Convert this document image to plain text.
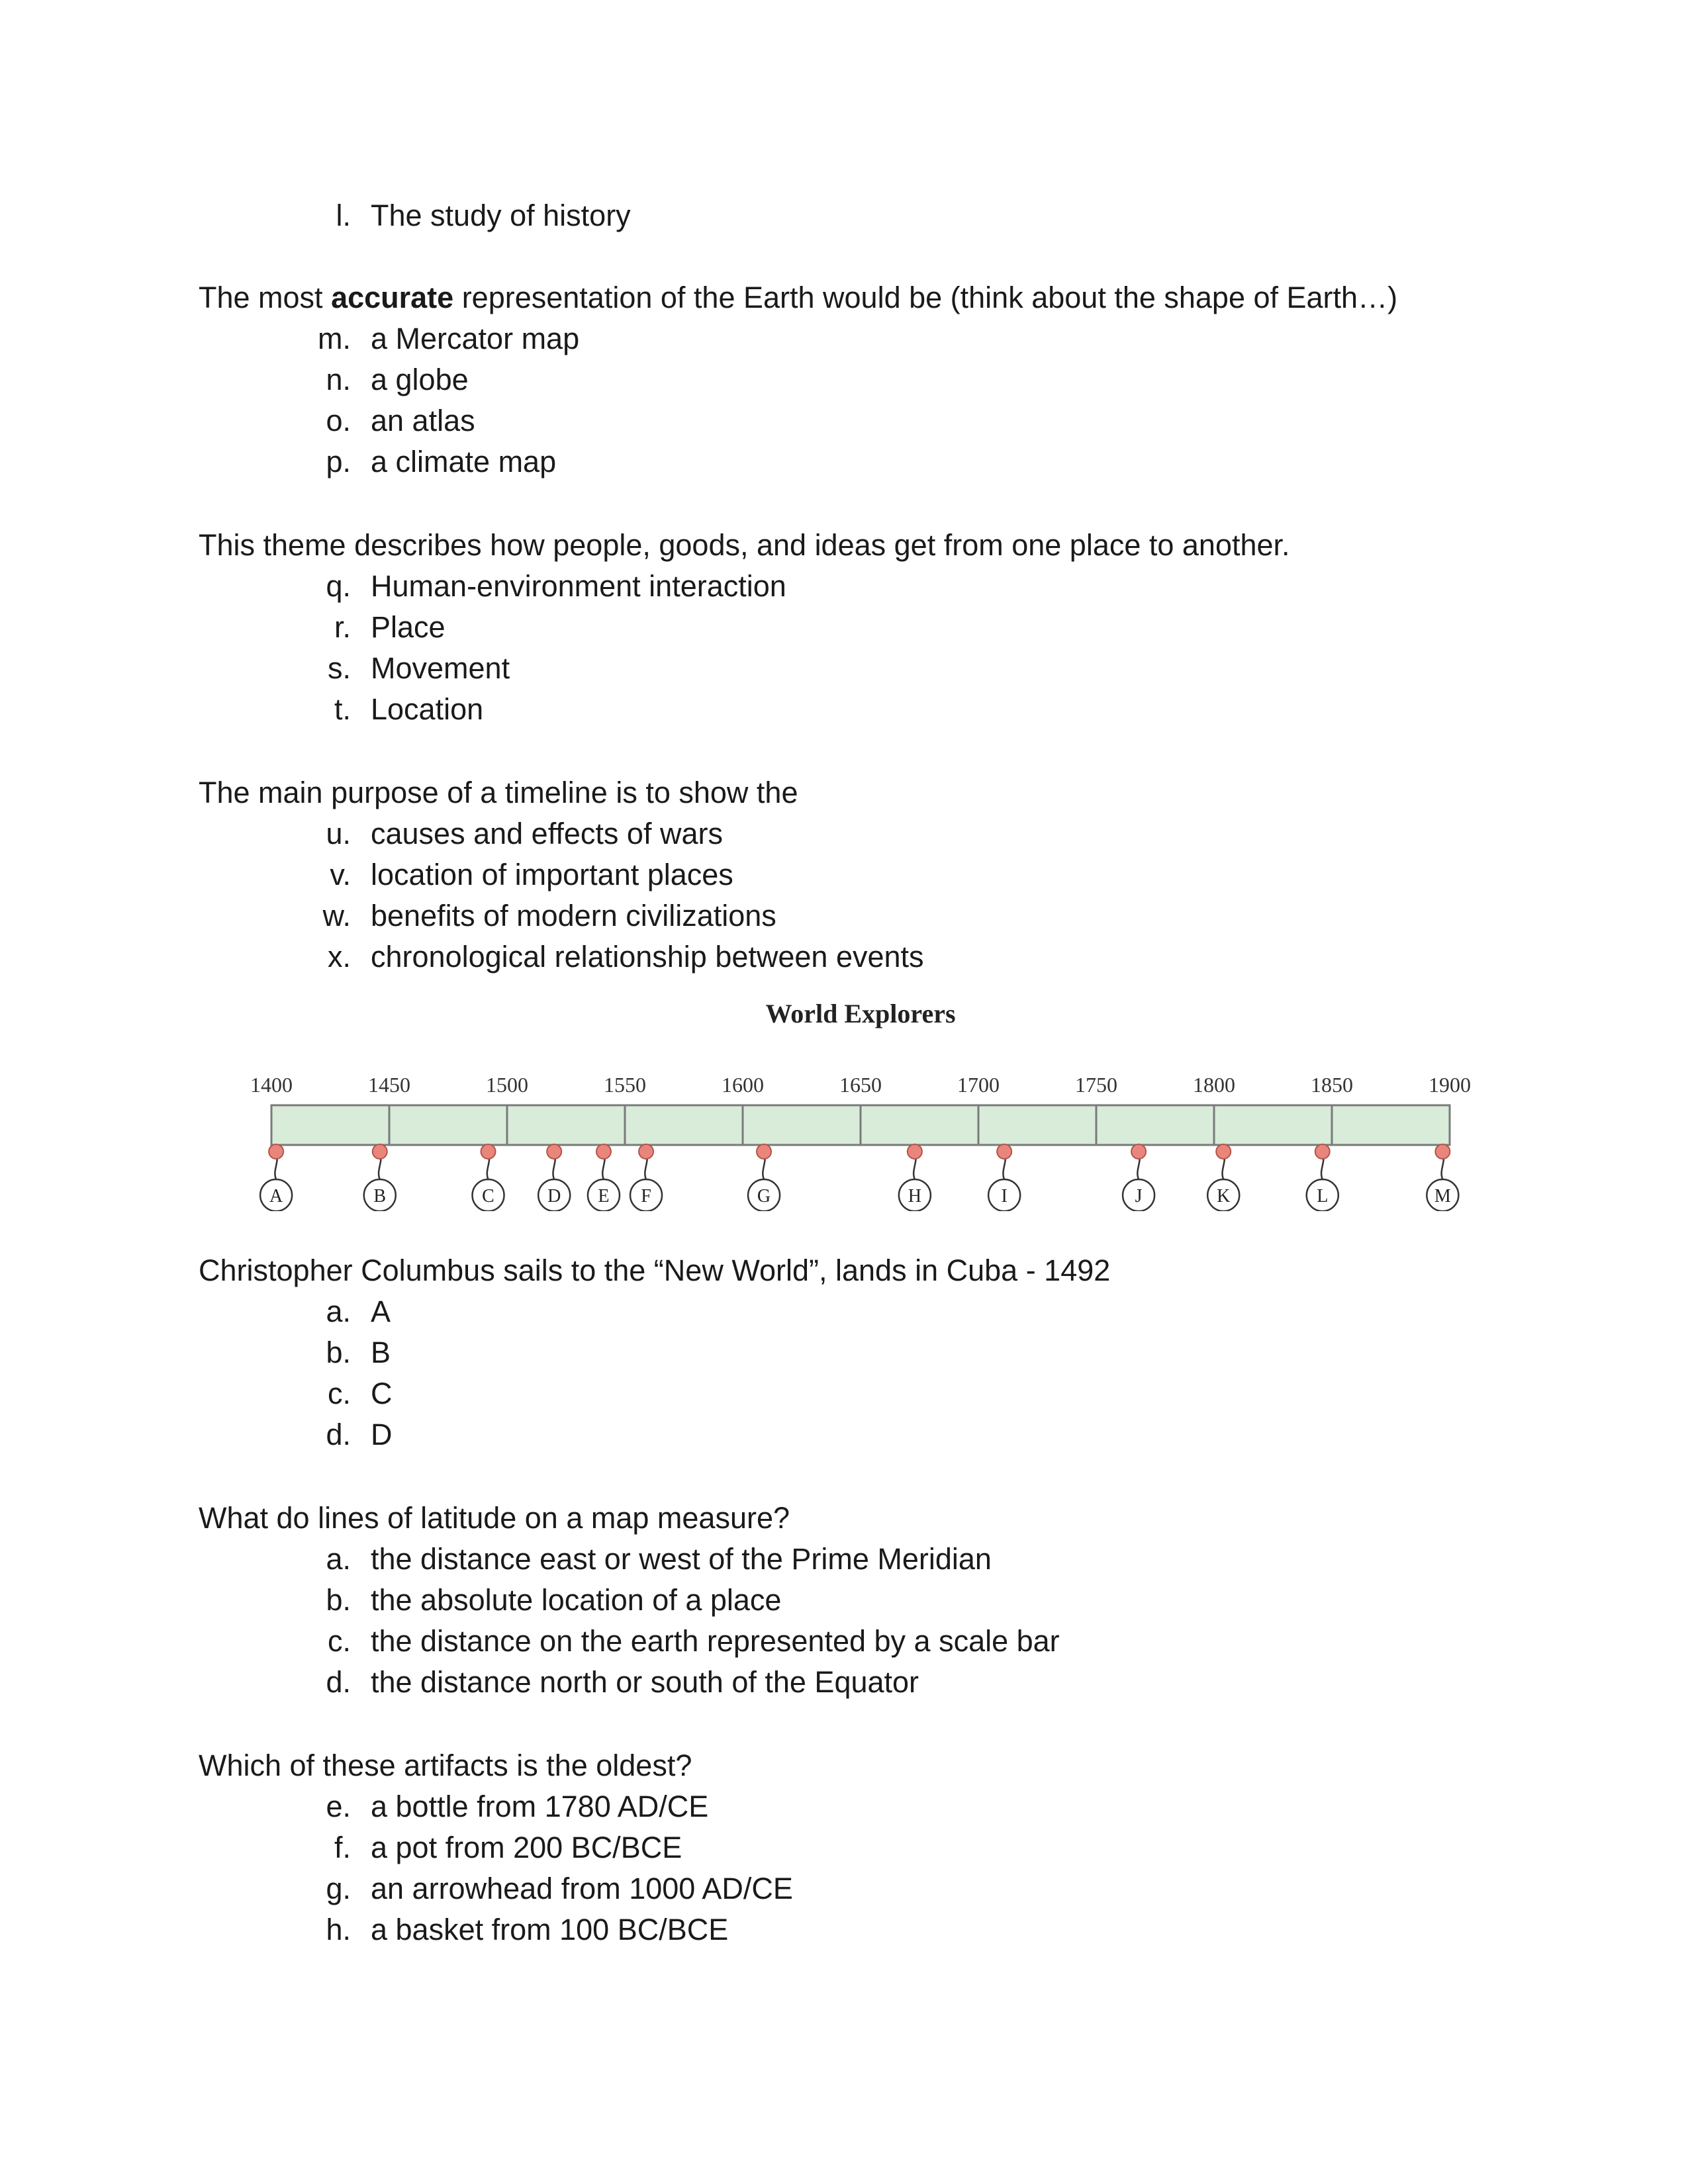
l. The study of history
The most accurate representation of the Earth would be (think about the shape of Earth…)
m. a Mercator map
n. a globe
o. an atlas
p. a climate map
This theme describes how people, goods, and ideas get from one place to another.
q. Human-environment interaction
r. Place
s. Movement
t. Location
The main purpose of a timeline is to show the
u. causes and effects of wars
v. location of important places
w. benefits of modern civilizations
x. chronological relationship between events
World Explorers
1400	1450	1500	1550	1600	1650	1700	1750	1800	1850	1900
A	B	C	D E F	G	H	I	J	K	L	M
Christopher Columbus sails to the “New World”, lands in Cuba - 1492
a. A
b. B
c. C
d. D
What do lines of latitude on a map measure?
a. the distance east or west of the Prime Meridian
b. the absolute location of a place
c. the distance on the earth represented by a scale bar
d. the distance north or south of the Equator
Which of these artifacts is the oldest?
e. a bottle from 1780 AD/CE
f. a pot from 200 BC/BCE
g. an arrowhead from 1000 AD/CE
h. a basket from 100 BC/BCE
